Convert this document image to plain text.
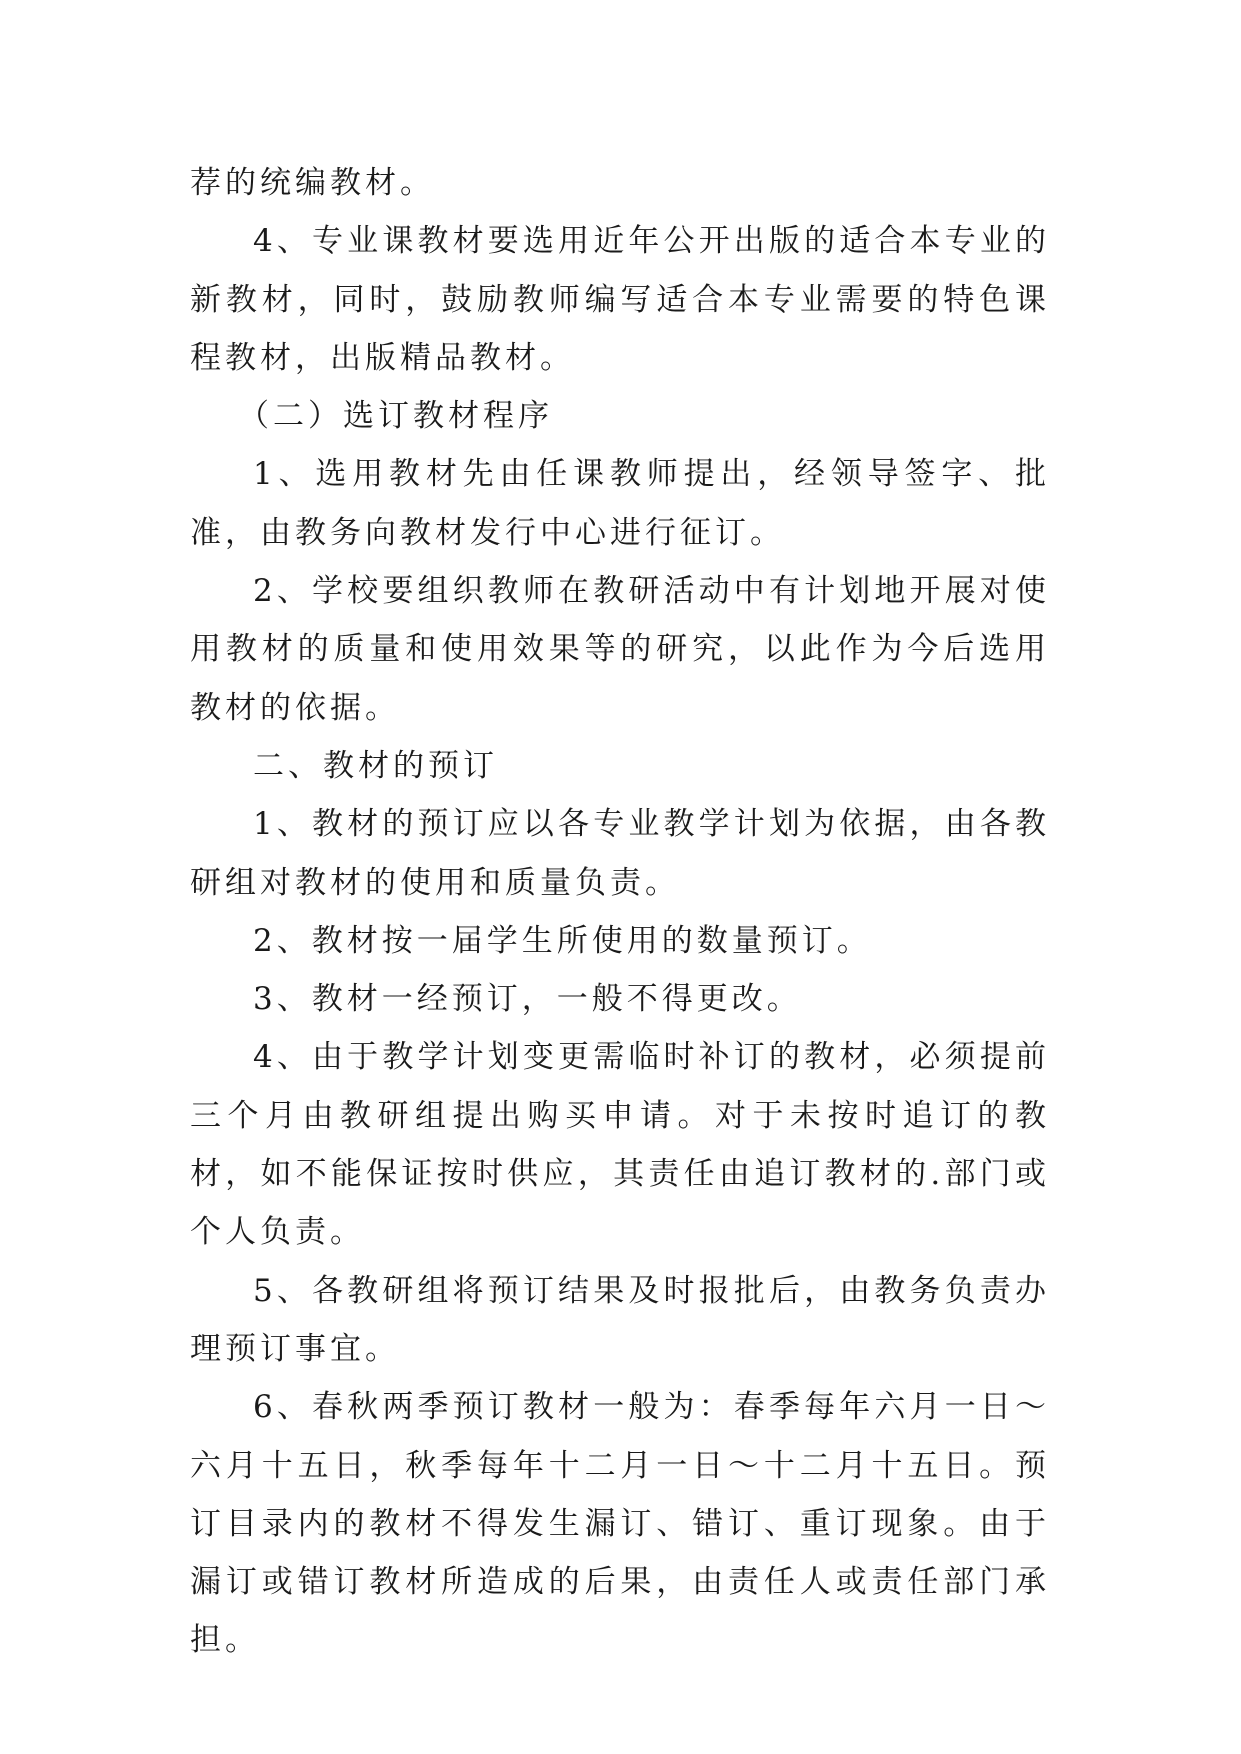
荐的统编教材。

4、专业课教材要选用近年公开出版的适合本专业的新教材，同时，鼓励教师编写适合本专业需要的特色课程教材，出版精品教材。

（二）选订教材程序

1、选用教材先由任课教师提出，经领导签字、批准，由教务向教材发行中心进行征订。

2、学校要组织教师在教研活动中有计划地开展对使用教材的质量和使用效果等的研究，以此作为今后选用教材的依据。

二、教材的预订

1、教材的预订应以各专业教学计划为依据，由各教研组对教材的使用和质量负责。

2、教材按一届学生所使用的数量预订。

3、教材一经预订，一般不得更改。

4、由于教学计划变更需临时补订的教材，必须提前三个月由教研组提出购买申请。对于未按时追订的教材，如不能保证按时供应，其责任由追订教材的.部门或个人负责。

5、各教研组将预订结果及时报批后，由教务负责办理预订事宜。

6、春秋两季预订教材一般为：春季每年六月一日～六月十五日，秋季每年十二月一日～十二月十五日。预订目录内的教材不得发生漏订、错订、重订现象。由于漏订或错订教材所造成的后果，由责任人或责任部门承担。
